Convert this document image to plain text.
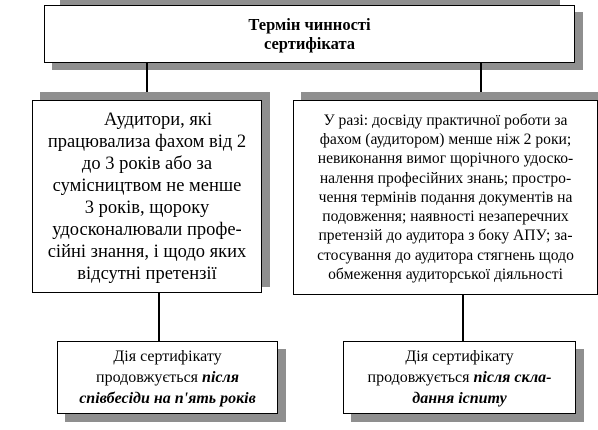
Термін чинності
сертифіката
Аудитори, які
працювализа фахом від 2
до 3 років або за
сумісництвом не менше
3 років, щороку
удосконалювали профе-
сійні знання, і щодо яких
відсутні претензії
У разі: досвіду практичної роботи за
фахом (аудитором) менше ніж 2 роки;
невиконання вимог щорічного удоско-
налення професійних знань; простро-
чення термінів подання документів на
подовження; наявності незаперечних
претензій до аудитора з боку АПУ; за-
стосування до аудитора стягнень щодо
обмеження аудиторської діяльності
Дія сертифікату
продовжується після
співбесіди на п'ять років
Дія сертифікату
продовжується після скла-
дання іспиту
